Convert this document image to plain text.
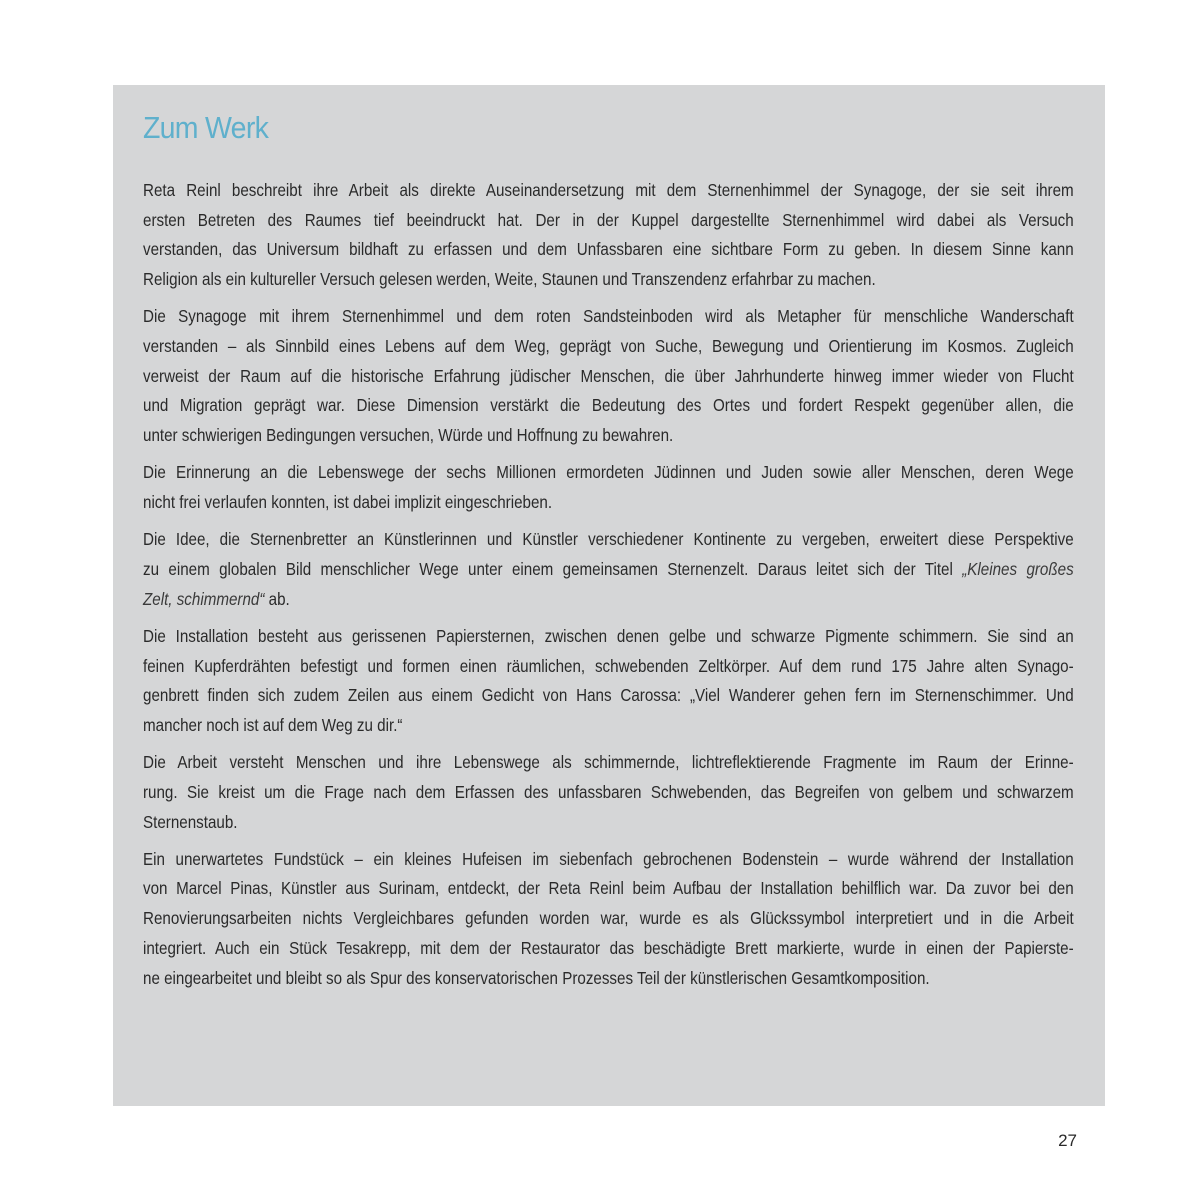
Zum Werk

Reta Reinl beschreibt ihre Arbeit als direkte Auseinandersetzung mit dem Sternenhimmel der Synagoge, der sie seit ihrem
ersten Betreten des Raumes tief beeindruckt hat. Der in der Kuppel dargestellte Sternenhimmel wird dabei als Versuch
verstanden, das Universum bildhaft zu erfassen und dem Unfassbaren eine sichtbare Form zu geben. In diesem Sinne kann
Religion als ein kultureller Versuch gelesen werden, Weite, Staunen und Transzendenz erfahrbar zu machen.

Die Synagoge mit ihrem Sternenhimmel und dem roten Sandsteinboden wird als Metapher für menschliche Wanderschaft
verstanden – als Sinnbild eines Lebens auf dem Weg, geprägt von Suche, Bewegung und Orientierung im Kosmos. Zugleich
verweist der Raum auf die historische Erfahrung jüdischer Menschen, die über Jahrhunderte hinweg immer wieder von Flucht
und Migration geprägt war. Diese Dimension verstärkt die Bedeutung des Ortes und fordert Respekt gegenüber allen, die
unter schwierigen Bedingungen versuchen, Würde und Hoffnung zu bewahren.

Die Erinnerung an die Lebenswege der sechs Millionen ermordeten Jüdinnen und Juden sowie aller Menschen, deren Wege
nicht frei verlaufen konnten, ist dabei implizit eingeschrieben.

Die Idee, die Sternenbretter an Künstlerinnen und Künstler verschiedener Kontinente zu vergeben, erweitert diese Perspektive
zu einem globalen Bild menschlicher Wege unter einem gemeinsamen Sternenzelt. Daraus leitet sich der Titel „Kleines großes
Zelt, schimmernd“ ab.

Die Installation besteht aus gerissenen Papiersternen, zwischen denen gelbe und schwarze Pigmente schimmern. Sie sind an
feinen Kupferdrähten befestigt und formen einen räumlichen, schwebenden Zeltkörper. Auf dem rund 175 Jahre alten Synago-
genbrett finden sich zudem Zeilen aus einem Gedicht von Hans Carossa: „Viel Wanderer gehen fern im Sternenschimmer. Und
mancher noch ist auf dem Weg zu dir.“

Die Arbeit versteht Menschen und ihre Lebenswege als schimmernde, lichtreflektierende Fragmente im Raum der Erinne-
rung. Sie kreist um die Frage nach dem Erfassen des unfassbaren Schwebenden, das Begreifen von gelbem und schwarzem
Sternenstaub.

Ein unerwartetes Fundstück – ein kleines Hufeisen im siebenfach gebrochenen Bodenstein – wurde während der Installation
von Marcel Pinas, Künstler aus Surinam, entdeckt, der Reta Reinl beim Aufbau der Installation behilflich war. Da zuvor bei den
Renovierungsarbeiten nichts Vergleichbares gefunden worden war, wurde es als Glückssymbol interpretiert und in die Arbeit
integriert. Auch ein Stück Tesakrepp, mit dem der Restaurator das beschädigte Brett markierte, wurde in einen der Papierste-
ne eingearbeitet und bleibt so als Spur des konservatorischen Prozesses Teil der künstlerischen Gesamtkomposition.

27
